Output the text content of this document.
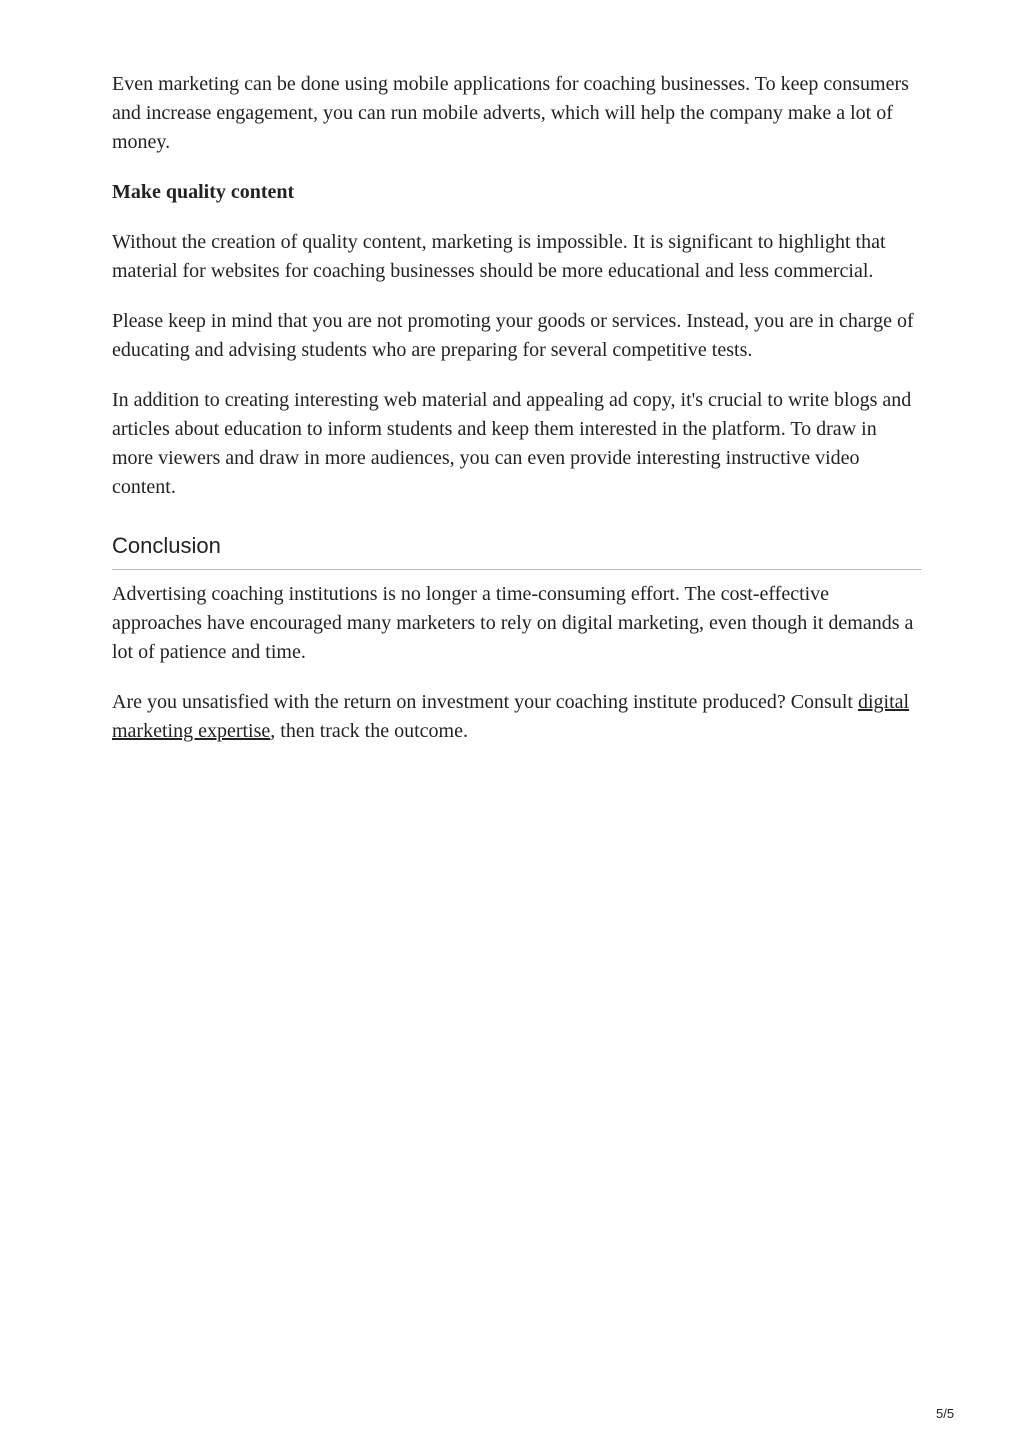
Even marketing can be done using mobile applications for coaching businesses. To keep consumers and increase engagement, you can run mobile adverts, which will help the company make a lot of money.

Make quality content

Without the creation of quality content, marketing is impossible. It is significant to highlight that material for websites for coaching businesses should be more educational and less commercial.

Please keep in mind that you are not promoting your goods or services. Instead, you are in charge of educating and advising students who are preparing for several competitive tests.

In addition to creating interesting web material and appealing ad copy, it's crucial to write blogs and articles about education to inform students and keep them interested in the platform. To draw in more viewers and draw in more audiences, you can even provide interesting instructive video content.

Conclusion

Advertising coaching institutions is no longer a time-consuming effort. The cost-effective approaches have encouraged many marketers to rely on digital marketing, even though it demands a lot of patience and time.

Are you unsatisfied with the return on investment your coaching institute produced? Consult digital marketing expertise, then track the outcome.

5/5
